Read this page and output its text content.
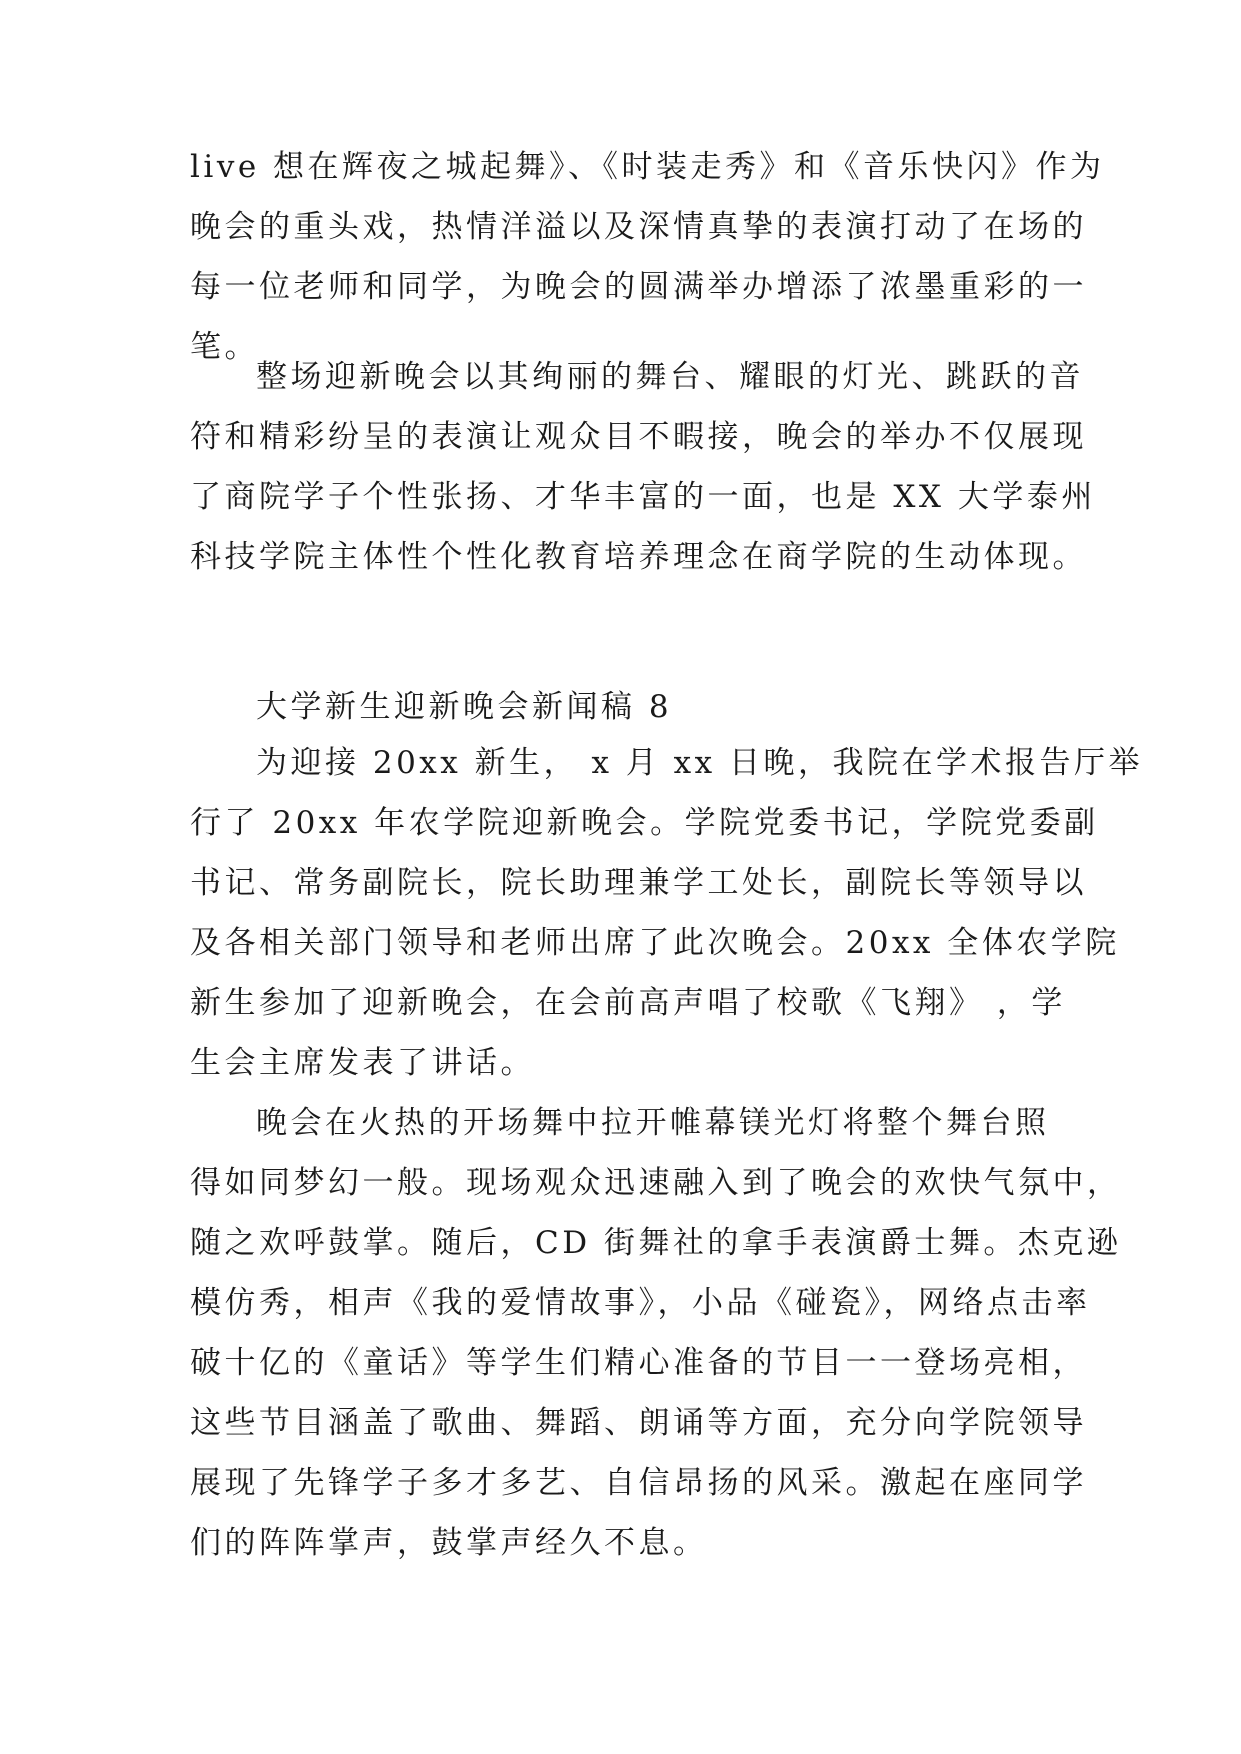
live 想在辉夜之城起舞》、《时装走秀》和《音乐快闪》作为
晚会的重头戏，热情洋溢以及深情真挚的表演打动了在场的
每一位老师和同学，为晚会的圆满举办增添了浓墨重彩的一
笔。
整场迎新晚会以其绚丽的舞台、耀眼的灯光、跳跃的音
符和精彩纷呈的表演让观众目不暇接，晚会的举办不仅展现
了商院学子个性张扬、才华丰富的一面，也是 XX 大学泰州
科技学院主体性个性化教育培养理念在商学院的生动体现。
大学新生迎新晚会新闻稿 8
为迎接 20xx 新生， x 月 xx 日晚，我院在学术报告厅举
行了 20xx 年农学院迎新晚会。学院党委书记，学院党委副
书记、常务副院长，院长助理兼学工处长，副院长等领导以
及各相关部门领导和老师出席了此次晚会。20xx 全体农学院
新生参加了迎新晚会，在会前高声唱了校歌《飞翔》 ，学
生会主席发表了讲话。
晚会在火热的开场舞中拉开帷幕镁光灯将整个舞台照
得如同梦幻一般。现场观众迅速融入到了晚会的欢快气氛中，
随之欢呼鼓掌。随后，CD 街舞社的拿手表演爵士舞。杰克逊
模仿秀，相声《我的爱情故事》，小品《碰瓷》，网络点击率
破十亿的《童话》等学生们精心准备的节目一一登场亮相，
这些节目涵盖了歌曲、舞蹈、朗诵等方面，充分向学院领导
展现了先锋学子多才多艺、自信昂扬的风采。激起在座同学
们的阵阵掌声，鼓掌声经久不息。
